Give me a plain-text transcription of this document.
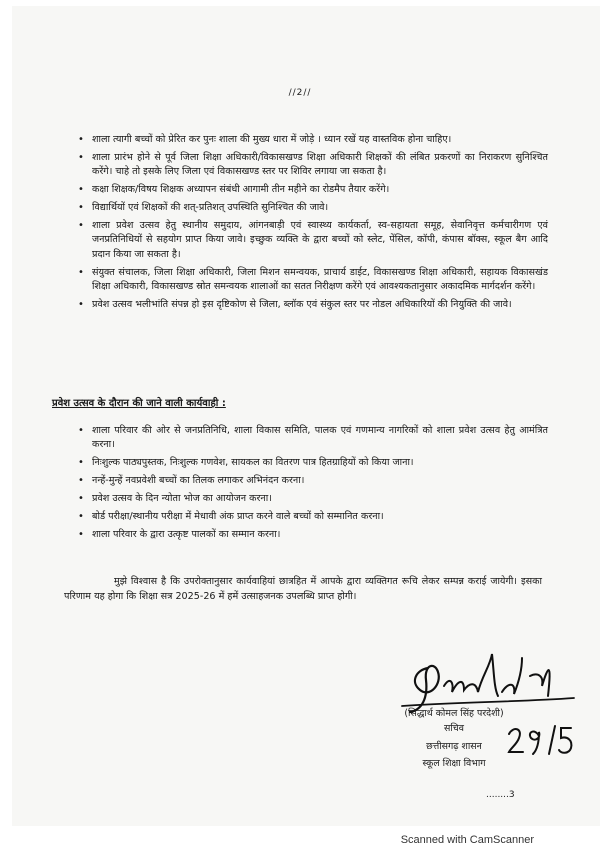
//2//
• शाला त्यागी बच्चों को प्रेरित कर पुनः शाला की मुख्य धारा में जोड़े । ध्यान रखें यह वास्तविक होना चाहिए।
• शाला प्रारंभ होने से पूर्व जिला शिक्षा अधिकारी/विकासखण्ड शिक्षा अधिकारी शिक्षकों की लंबित प्रकरणों का निराकरण सुनिश्चित करेंगे। चाहे तो इसके लिए जिला एवं विकासखण्ड स्तर पर शिविर लगाया जा सकता है।
• कक्षा शिक्षक/विषय शिक्षक अध्यापन संबंधी आगामी तीन महीने का रोडमैप तैयार करेंगे।
• विद्यार्थियों एवं शिक्षकों की शत्-प्रतिशत् उपस्थिति सुनिश्चित की जावे।
• शाला प्रवेश उत्सव हेतु स्थानीय समुदाय, आंगनबाड़ी एवं स्वास्थ्य कार्यकर्ता, स्व-सहायता समूह, सेवानिवृत्त कर्मचारीगण एवं जनप्रतिनिधियों से सहयोग प्राप्त किया जावे। इच्छुक व्यक्ति के द्वारा बच्चों को स्लेट, पेंसिल, कॉपी, कंपास बॉक्स, स्कूल बैग आदि प्रदान किया जा सकता है।
• संयुक्त संचालक, जिला शिक्षा अधिकारी, जिला मिशन समन्वयक, प्राचार्य डाईट, विकासखण्ड शिक्षा अधिकारी, सहायक विकासखंड शिक्षा अधिकारी, विकासखण्ड स्रोत समन्वयक शालाओं का सतत निरीक्षण करेंगे एवं आवश्यकतानुसार अकादमिक मार्गदर्शन करेंगे।
• प्रवेश उत्सव भलीभांति संपन्न हो इस दृष्टिकोण से जिला, ब्लॉक एवं संकुल स्तर पर नोडल अधिकारियों की नियुक्ति की जावे।
प्रवेश उत्सव के दौरान की जाने वाली कार्यवाही :
• शाला परिवार की ओर से जनप्रतिनिधि, शाला विकास समिति, पालक एवं गणमान्य नागरिकों को शाला प्रवेश उत्सव हेतु आमंत्रित करना।
• निःशुल्क पाठ्यपुस्तक, निःशुल्क गणवेश, सायकल का वितरण पात्र हितग्राहियों को किया जाना।
• नन्हें-मुन्हें नवप्रवेशी बच्चों का तिलक लगाकर अभिनंदन करना।
• प्रवेश उत्सव के दिन न्योता भोज का आयोजन करना।
• बोर्ड परीक्षा/स्थानीय परीक्षा में मेधावी अंक प्राप्त करने वाले बच्चों को सम्मानित करना।
• शाला परिवार के द्वारा उत्कृष्ट पालकों का सम्मान करना।

मुझे विश्वास है कि उपरोक्तानुसार कार्यवाहियां छात्रहित में आपके द्वारा व्यक्तिगत रूचि लेकर सम्पन्न कराई जायेगी। इसका परिणाम यह होगा कि शिक्षा सत्र 2025-26 में हमें उत्साहजनक उपलब्धि प्राप्त होगी।

(सिद्धार्थ कोमल सिंह परदेशी)
सचिव
छत्तीसगढ़ शासन
स्कूल शिक्षा विभाग
........3
Scanned with CamScanner
